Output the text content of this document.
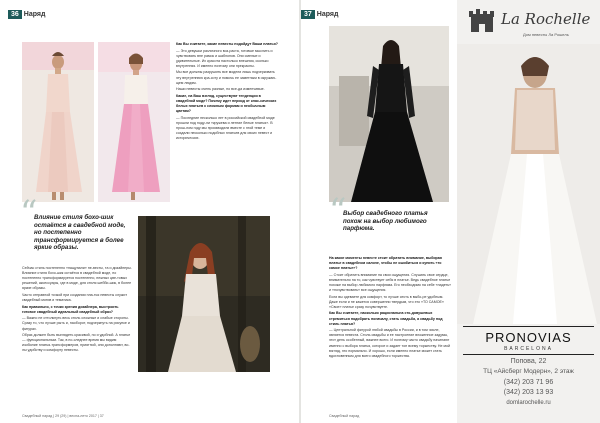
36 Наряд

Как Вы считаете, какие невесты подойдут Ваши платья?

— Это девушки различного воз-раста, готовые мыслить и чувствовать вне рамок и шаблонов. Они смелые и удивительные. Их красота настолько внешняя, сколько внутренняя. И именно поэтому они прекрасны.

Мы все должны разрушить все модели лишь подчеркивать эту внутреннюю кра-соту и помочь ее заметным в окружаю-щем людям.

Наши невесты очень разные, но все-да изменчивые.

Какие, на Ваш взгляд, существуют тенденции в свадебной моде? Почему идет период от клас-сических белых платьев к сложным формам и необычным цветам?

— Последние несколько лет в российской свадебной моде прошли под поду-ли «кружева и летние белые платья». В прош-лом году мы производили вместе с этой теме и создали несколько подобных платьев для своих невест и исторических.

“
Влияние стиля бохо-шик остаётся в свадебной моде, но постепенно трансформируется в более яркие образы.

Сейчас стиль постепенно «нащупали» не-весты, та и дизайнеры. Влияние стиля бохо-шик остаётся в свадебной моде, но постепенно трансформируется постепенно, нежных цве-товых решений, аксессуары, где в моде, для стиля шебби-шик, в более яркие образы.

Часто отправной точкой при создании пла-тья невесты служит свадебный мотив и тематика.

Как правильно, с точки зрения дизайнера, выстроить готовое свадебный идеальный свадебный образ?

— Важно не оттолкнуть весь стиль сложные и слабые стороны. Сразу то, что лучше рыть и, наоборот, подчеркнуть на рисунке и фигурах.

Образ должен быть выглядеть красивой, но и удобной. А платье — функциональным. Так, в по-следнее время мы видим изобилие платья-трансформеров, приятной, они дополняют, во-лы удобству и комфорту невесты.

Свадебный парад | 29 (29) | весна-лето 2017 | 37
37 Наряд
“
Выбор свадебного платья похож на выбор любимого парфюма.

На какие моменты невесте стоит обратить внимание, выбирая платье в свадебном салоне, чтобы не ошибиться и купить «то самое платье»?

— Стоит обратить внимание на свои ощущения. Слушать свое сердце, внимательно на то, как чувствует себя в платье. Ведь свадебное платье похоже на выбор любимого парфюма. Его необходимо на себе «надеть» и «почувствовать» все ощущения.

Если вы одеваете для комфорт, то лучше сесть в выбо-ре удобным. Даже если и не кажется совершенно твердым, что это «ТО САМОЕ» «Свое» платье сразу почувствуете.

Как Вы считаете, насколько рациональна сто-довушевых стремиться подобрать поначалу, стать свадьба, а свадьбу под стиль платья?

— Центральной фигурой любой свадьбы в России, и в том числе, является невеста. Стиль свадьбы и ее настроение вложенное задумы, этот день особенный, важнее всего. И поэтому часто свадьбу начинают именно с выбора платья, которое и задает тон всему торжеству. Не мой взгляд, это нормально. И хорошо, если именно платье может стать вдохновенным для всего свадебного торжества.

Свадебный парад
La Rochelle
Дом невесты Ла Рошель
PRONOVIAS
BARCELONA
Попова, 22
ТЦ «Айсберг Модерн», 2 этаж
(342) 203 71 96
(342) 203 13 93
domlarochelle.ru
